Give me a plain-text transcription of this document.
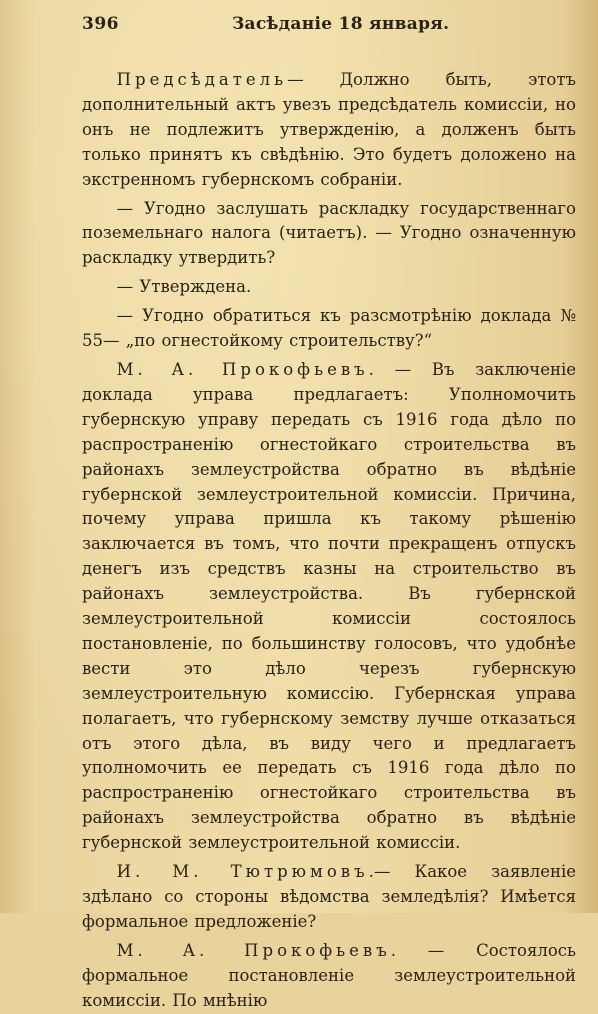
396	Засѣданіе 18 января.

Предсѣдатель— Должно быть, этотъ дополнительный актъ увезъ предсѣдатель комиссіи, но онъ не подлежитъ утвержденію, а долженъ быть только принятъ къ свѣдѣнію. Это будетъ доложено на экстренномъ губернскомъ собраніи.

— Угодно заслушать раскладку государственнаго поземельнаго налога (читаетъ). — Угодно означенную раскладку утвердить?

— Утверждена.

— Угодно обратиться къ разсмотрѣнію доклада № 55— „по огнестойкому строительству?“

М. А. Прокофьевъ. — Въ заключеніе доклада управа предлагаетъ: Уполномочить губернскую управу передать съ 1916 года дѣло по распространенію огнестойкаго строительства въ районахъ землеустройства обратно въ вѣдѣніе губернской землеустроительной комиссіи. Причина, почему управа пришла къ такому рѣшенію заключается въ томъ, что почти прекращенъ отпускъ денегъ изъ средствъ казны на строительство въ районахъ землеустройства. Въ губернской землеустроительной комиссіи состоялось постановленіе, по большинству голосовъ, что удобнѣе вести это дѣло черезъ губернскую землеустроительную комиссію. Губернская управа полагаетъ, что губернскому земству лучше отказаться отъ этого дѣла, въ виду чего и предлагаетъ уполномочить ее передать съ 1916 года дѣло по распространенію огнестойкаго строительства въ районахъ землеустройства обратно въ вѣдѣніе губернской землеустроительной комиссіи.

И. М. Тютрюмовъ.— Какое заявленіе здѣлано со стороны вѣдомства земледѣлія? Имѣется формальное предложеніе?

М. А. Прокофьевъ. — Состоялось формальное постановленіе землеустроительной комиссіи. По мнѣнію
